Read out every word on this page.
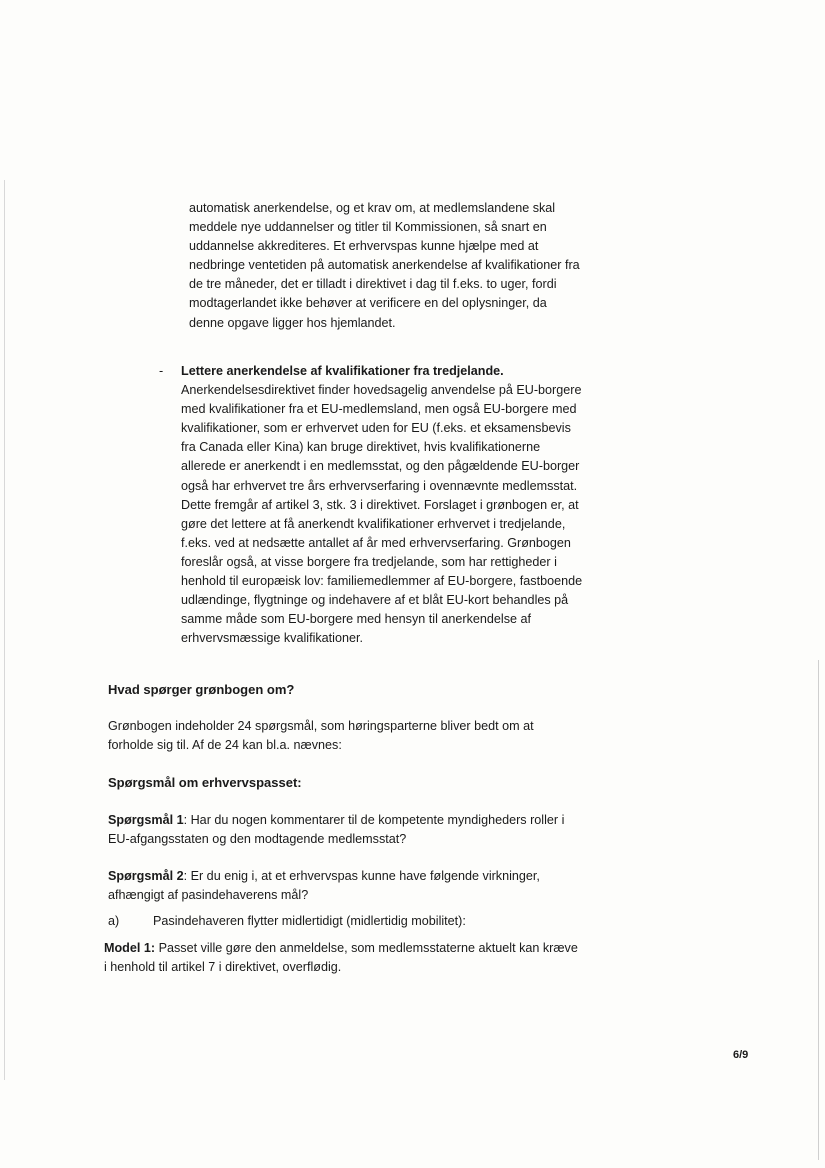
automatisk anerkendelse, og et krav om, at medlemslandene skal meddele nye uddannelser og titler til Kommissionen, så snart en uddannelse akkrediteres. Et erhvervspas kunne hjælpe med at nedbringe ventetiden på automatisk anerkendelse af kvalifikationer fra de tre måneder, det er tilladt i direktivet i dag til f.eks. to uger, fordi modtagerlandet ikke behøver at verificere en del oplysninger, da denne opgave ligger hos hjemlandet.

- Lettere anerkendelse af kvalifikationer fra tredjelande. Anerkendelsesdirektivet finder hovedsagelig anvendelse på EU-borgere med kvalifikationer fra et EU-medlemsland, men også EU-borgere med kvalifikationer, som er erhvervet uden for EU (f.eks. et eksamensbevis fra Canada eller Kina) kan bruge direktivet, hvis kvalifikationerne allerede er anerkendt i en medlemsstat, og den pågældende EU-borger også har erhvervet tre års erhvervserfaring i ovennævnte medlemsstat. Dette fremgår af artikel 3, stk. 3 i direktivet. Forslaget i grønbogen er, at gøre det lettere at få anerkendt kvalifikationer erhvervet i tredjelande, f.eks. ved at nedsætte antallet af år med erhvervserfaring. Grønbogen foreslår også, at visse borgere fra tredjelande, som har rettigheder i henhold til europæisk lov: familiemedlemmer af EU-borgere, fastboende udlændinge, flygtninge og indehavere af et blåt EU-kort behandles på samme måde som EU-borgere med hensyn til anerkendelse af erhvervsmæssige kvalifikationer.

Hvad spørger grønbogen om?

Grønbogen indeholder 24 spørgsmål, som høringsparterne bliver bedt om at forholde sig til. Af de 24 kan bl.a. nævnes:

Spørgsmål om erhvervspasset:

Spørgsmål 1: Har du nogen kommentarer til de kompetente myndigheders roller i EU-afgangsstaten og den modtagende medlemsstat?

Spørgsmål 2: Er du enig i, at et erhvervspas kunne have følgende virkninger, afhængigt af pasindehaverens mål?

a)	Pasindehaveren flytter midlertidigt (midlertidig mobilitet):

Model 1: Passet ville gøre den anmeldelse, som medlemsstaterne aktuelt kan kræve i henhold til artikel 7 i direktivet, overflødig.

6/9
